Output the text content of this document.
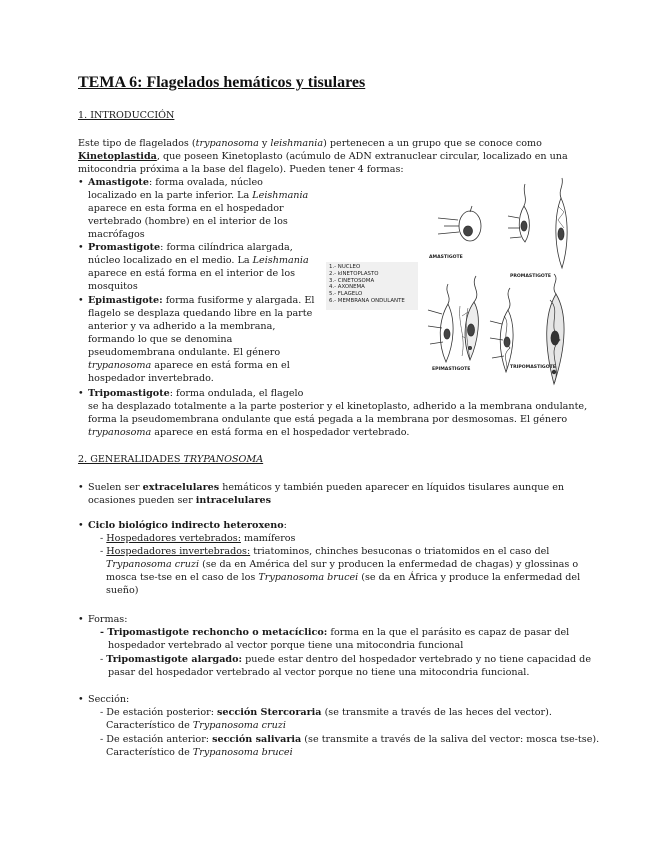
TEMA 6: Flagelados hemáticos y tisulares
1. INTRODUCCIÓN
Este tipo de flagelados (trypanosoma y leishmania) pertenecen a un grupo que se conoce como
Kinetoplastida, que poseen Kinetoplasto (acúmulo de ADN extranuclear circular, localizado en una
mitocondria próxima a la base del flagelo). Pueden tener 4 formas:
• Amastigote: forma ovalada, núcleo
localizado en la parte inferior. La Leishmania
aparece en esta forma en el hospedador
vertebrado (hombre) en el interior de los
macrófagos
• Promastigote: forma cilíndrica alargada,
núcleo localizado en el medio. La Leishmania
aparece en está forma en el interior de los
mosquitos
• Epimastigote: forma fusiforme y alargada. El
flagelo se desplaza quedando libre en la parte
anterior y va adherido a la membrana,
formando lo que se denomina
pseudomembrana ondulante. El género
trypanosoma aparece en está forma en el
hospedador invertebrado.
• Tripomastigote: forma ondulada, el flagelo
se ha desplazado totalmente a la parte posterior y el kinetoplasto, adherido a la membrana ondulante,
forma la pseudomembrana ondulante que está pegada a la membrana por desmosomas. El género
trypanosoma aparece en está forma en el hospedador vertebrado.
1.- NUCLEO
2.- kINETOPLASTO
3.- CINETOSOMA
4.- AXONEMA
5.- FLAGELO
6.- MEMBRANA ONDULANTE
AMASTIGOTE
PROMASTIGOTE
EPIMASTIGOTE	TRIPOMASTIGOTE
2. GENERALIDADES TRYPANOSOMA
• Suelen ser extracelulares hemáticos y también pueden aparecer en líquidos tisulares aunque en
ocasiones pueden ser intracelulares
• Ciclo biológico indirecto heteroxeno:
- Hospedadores vertebrados: mamíferos
- Hospedadores invertebrados: triatominos, chinches besuconas o triatomidos en el caso del
Trypanosoma cruzi (se da en América del sur y producen la enfermedad de chagas) y glossinas o
mosca tse-tse en el caso de los Trypanosoma brucei (se da en África y produce la enfermedad del
sueño)
• Formas:
- Tripomastigote rechoncho o metacíclico: forma en la que el parásito es capaz de pasar del
hospedador vertebrado al vector porque tiene una mitocondria funcional
- Tripomastigote alargado: puede estar dentro del hospedador vertebrado y no tiene capacidad de
pasar del hospedador vertebrado al vector porque no tiene una mitocondria funcional.
• Sección:
- De estación posterior: sección Stercoraria (se transmite a través de las heces del vector).
Característico de Trypanosoma cruzi
- De estación anterior: sección salivaria (se transmite a través de la saliva del vector: mosca tse-tse).
Característico de Trypanosoma brucei
